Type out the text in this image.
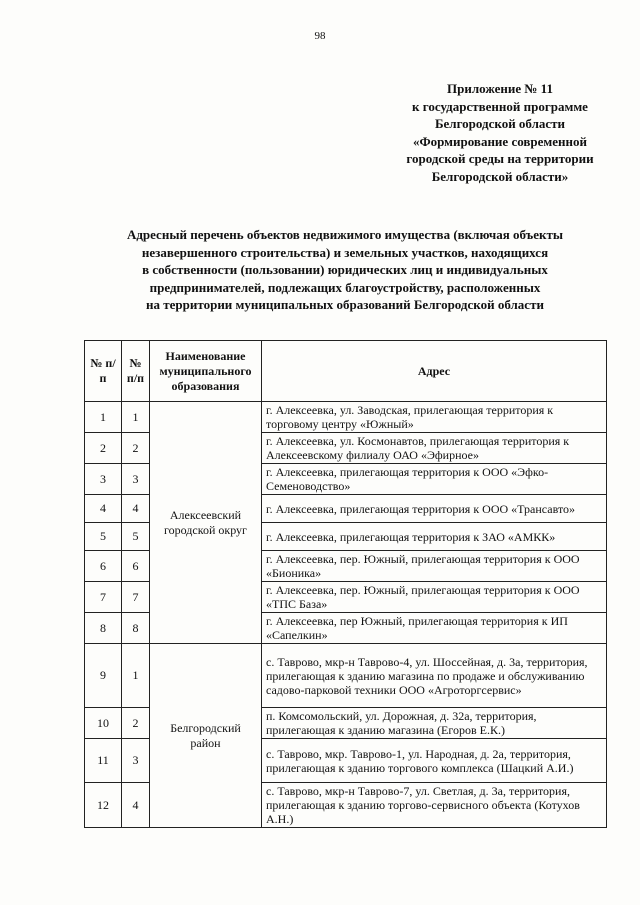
98
Приложение № 11
к государственной программе
Белгородской области
«Формирование современной
городской среды на территории
Белгородской области»
Адресный перечень объектов недвижимого имущества (включая объекты
незавершенного строительства) и земельных участков, находящихся
в собственности (пользовании) юридических лиц и индивидуальных
предпринимателей, подлежащих благоустройству, расположенных
на территории муниципальных образований Белгородской области
№ п/п	№ п/п	Наименование муниципального образования	Адрес
1	1	Алексеевский городской округ	г. Алексеевка, ул. Заводская, прилегающая территория к торговому центру «Южный»
2	2		г. Алексеевка, ул. Космонавтов, прилегающая территория к Алексеевскому филиалу ОАО «Эфирное»
3	3		г. Алексеевка, прилегающая территория к ООО «Эфко-Семеноводство»
4	4		г. Алексеевка, прилегающая территория к ООО «Трансавто»
5	5		г. Алексеевка, прилегающая территория к ЗАО «АМКК»
6	6		г. Алексеевка, пер. Южный, прилегающая территория к ООО «Бионика»
7	7		г. Алексеевка, пер. Южный, прилегающая территория к ООО «ТПС База»
8	8		г. Алексеевка, пер Южный, прилегающая территория к ИП «Сапелкин»
9	1	Белгородский район	с. Таврово, мкр-н Таврово-4, ул. Шоссейная, д. 3а, территория, прилегающая к зданию магазина по продаже и обслуживанию садово-парковой техники ООО «Агроторгсервис»
10	2		п. Комсомольский, ул. Дорожная, д. 32а, территория, прилегающая к зданию магазина (Егоров Е.К.)
11	3		с. Таврово, мкр. Таврово-1, ул. Народная, д. 2а, территория, прилегающая к зданию торгового комплекса (Шацкий А.И.)
12	4		с. Таврово, мкр-н Таврово-7, ул. Светлая, д. 3а, территория, прилегающая к зданию торгово-сервисного объекта (Котухов А.Н.)
